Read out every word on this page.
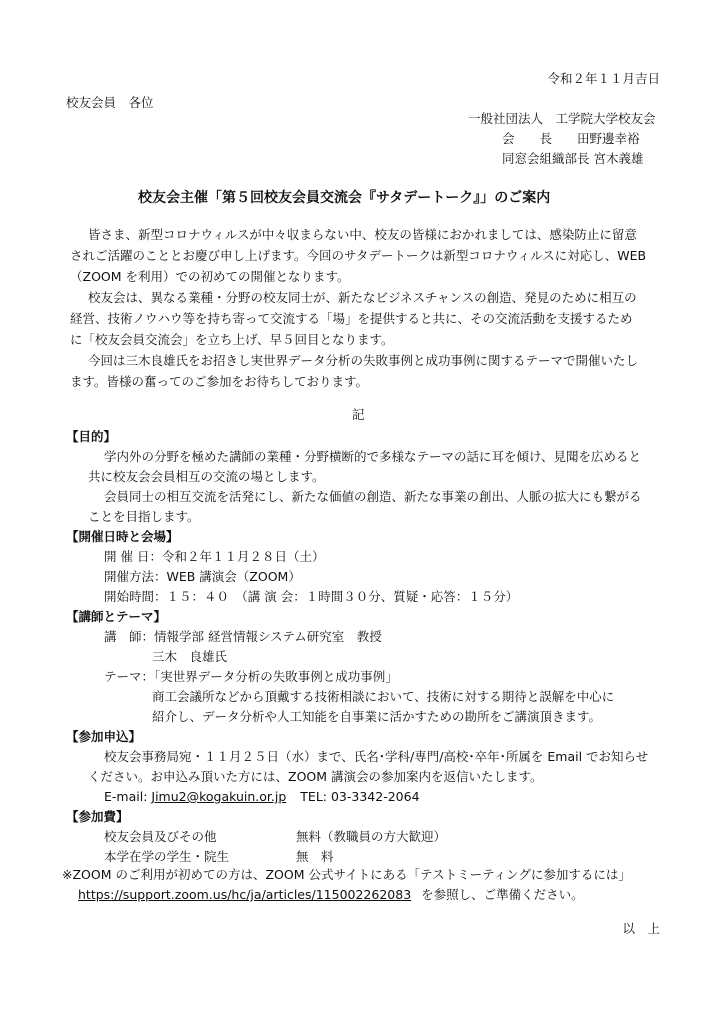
令和２年１１月吉日
校友会員　各位
一般社団法人　工学院大学校友会
会　　長　　田野邊幸裕
同窓会組織部長 宮木義雄
校友会主催「第５回校友会員交流会『サタデートーク』」のご案内
皆さま、新型コロナウィルスが中々収まらない中、校友の皆様におかれましては、感染防止に留意
されご活躍のこととお慶び申し上げます。今回のサタデートークは新型コロナウィルスに対応し、WEB
（ZOOM を利用）での初めての開催となります。
校友会は、異なる業種・分野の校友同士が、新たなビジネスチャンスの創造、発見のために相互の
経営、技術ノウハウ等を持ち寄って交流する「場」を提供すると共に、その交流活動を支援するため
に「校友会員交流会」を立ち上げ、早５回目となります。
今回は三木良雄氏をお招きし実世界データ分析の失敗事例と成功事例に関するテーマで開催いたし
ます。皆様の奮ってのご参加をお待ちしております。
記
【目的】
学内外の分野を極めた講師の業種・分野横断的で多様なテーマの話に耳を傾け、見聞を広めると
共に校友会会員相互の交流の場とします。
会員同士の相互交流を活発にし、新たな価値の創造、新たな事業の創出、人脈の拡大にも繋がる
ことを目指します。
【開催日時と会場】
開 催 日：令和２年１１月２８日（土）
開催方法：WEB 講演会（ZOOM）
開始時間：１５：４０　（講 演 会：１時間３０分、質疑・応答：１５分）
【講師とテーマ】
講　師：情報学部 経営情報システム研究室　教授
三木　良雄氏
テーマ：「実世界データ分析の失敗事例と成功事例」
商工会議所などから頂戴する技術相談において、技術に対する期待と誤解を中心に
紹介し、データ分析や人工知能を自事業に活かすための勘所をご講演頂きます。
【参加申込】
校友会事務局宛・１１月２５日（水）まで、氏名･学科/専門/高校･卒年･所属を Email でお知らせ
ください。お申込み頂いた方には、ZOOM 講演会の参加案内を返信いたします。
E-mail: Jimu2@kogakuin.or.jp TEL: 03-3342-2064
【参加費】
校友会員及びその他	無料（教職員の方大歓迎）
本学在学の学生・院生	無　料
※ZOOM のご利用が初めての方は、ZOOM 公式サイトにある「テストミーティングに参加するには」
https://support.zoom.us/hc/ja/articles/115002262083 を参照し、ご準備ください。
以　上
